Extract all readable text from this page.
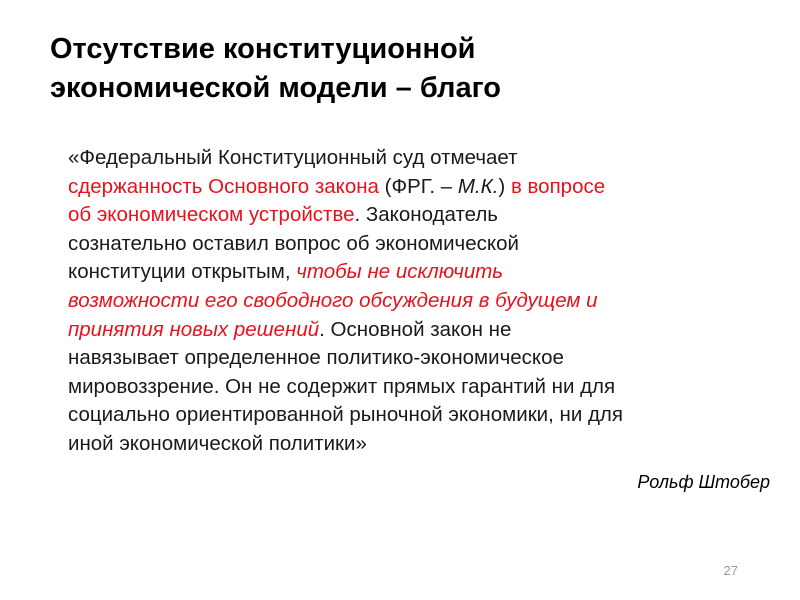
Отсутствие конституционной
экономической модели – благо

«Федеральный Конституционный суд отмечает
сдержанность Основного закона (ФРГ. – М.К.) в вопросе
об экономическом устройстве. Законодатель
сознательно оставил вопрос об экономической
конституции открытым, чтобы не исключить
возможности его свободного обсуждения в будущем и
принятия новых решений. Основной закон не
навязывает определенное политико-экономическое
мировоззрение. Он не содержит прямых гарантий ни для
социально ориентированной рыночной экономики, ни для
иной экономической политики»

Рольф Штобер

27
